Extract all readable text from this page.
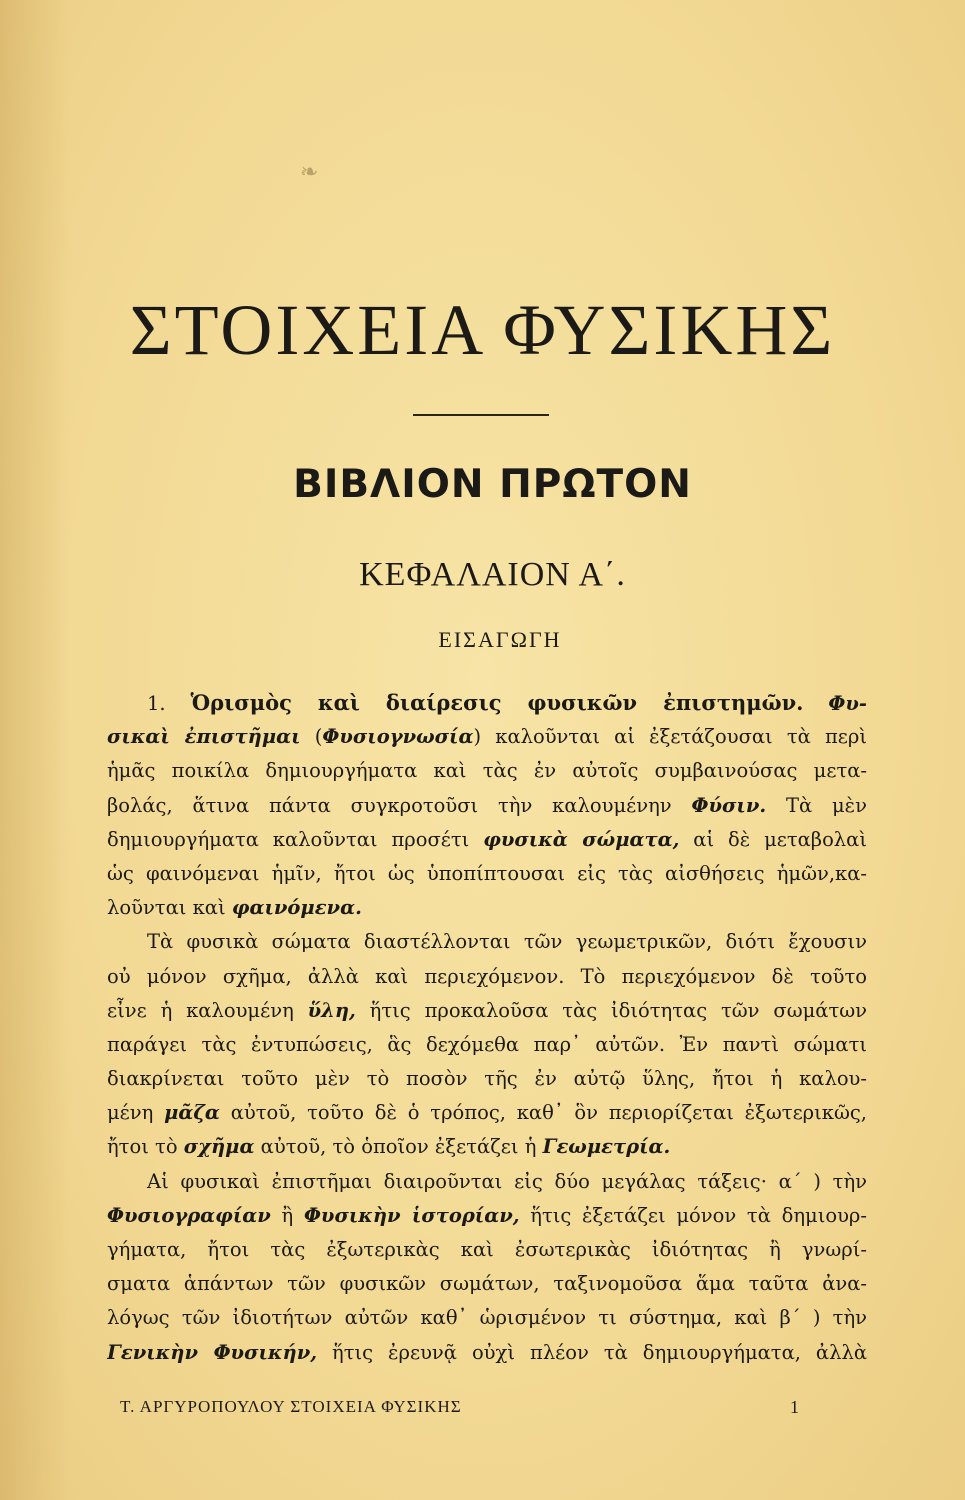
❧
ΣΤΟΙΧΕΙΑ ΦΥΣΙΚΗΣ
ΒΙΒΛΙΟΝ ΠΡΩΤΟΝ
ΚΕΦΑΛΑΙΟΝ Α΄.
ΕΙΣΑΓΩΓΗ
1. Ὁρισμὸς καὶ διαίρεσις φυσικῶν ἐπιστημῶν. Φυ-
σικαὶ ἐπιστῆμαι (Φυσιογνωσία) καλοῦνται αἱ ἐξετάζουσαι τὰ περὶ
ἡμᾶς ποικίλα δημιουργήματα καὶ τὰς ἐν αὐτοῖς συμβαινούσας μετα-
βολάς, ἅτινα πάντα συγκροτοῦσι τὴν καλουμένην Φύσιν. Τὰ μὲν
δημιουργήματα καλοῦνται προσέτι φυσικὰ σώματα, αἱ δὲ μεταβολαὶ
ὡς φαινόμεναι ἡμῖν, ἤτοι ὡς ὑποπίπτουσαι εἰς τὰς αἰσθήσεις ἡμῶν,κα-
λοῦνται καὶ φαινόμενα.
Τὰ φυσικὰ σώματα διαστέλλονται τῶν γεωμετρικῶν, διότι ἔχουσιν
οὐ μόνον σχῆμα, ἀλλὰ καὶ περιεχόμενον. Τὸ περιεχόμενον δὲ τοῦτο
εἶνε ἡ καλουμένη ὕλη, ἥτις προκαλοῦσα τὰς ἰδιότητας τῶν σωμάτων
παράγει τὰς ἐντυπώσεις, ἃς δεχόμεθα παρ᾽ αὐτῶν. Ἐν παντὶ σώματι
διακρίνεται τοῦτο μὲν τὸ ποσὸν τῆς ἐν αὐτῷ ὕλης, ἤτοι ἡ καλου-
μένη μᾶζα αὐτοῦ, τοῦτο δὲ ὁ τρόπος, καθ᾽ ὃν περιορίζεται ἐξωτερικῶς,
ἤτοι τὸ σχῆμα αὐτοῦ, τὸ ὁποῖον ἐξετάζει ἡ Γεωμετρία.
Αἱ φυσικαὶ ἐπιστῆμαι διαιροῦνται εἰς δύο μεγάλας τάξεις· α΄ ) τὴν
Φυσιογραφίαν ἢ Φυσικὴν ἱστορίαν, ἥτις ἐξετάζει μόνον τὰ δημιουρ-
γήματα, ἤτοι τὰς ἐξωτερικὰς καὶ ἐσωτερικὰς ἰδιότητας ἢ γνωρί-
σματα ἁπάντων τῶν φυσικῶν σωμάτων, ταξινομοῦσα ἅμα ταῦτα ἀνα-
λόγως τῶν ἰδιοτήτων αὐτῶν καθ᾽ ὡρισμένον τι σύστημα, καὶ β΄ ) τὴν
Γενικὴν Φυσικήν, ἥτις ἐρευνᾷ οὐχὶ πλέον τὰ δημιουργήματα, ἀλλὰ
Τ. ΑΡΓΥΡΟΠΟΥΛΟΥ ΣΤΟΙΧΕΙΑ ΦΥΣΙΚΗΣ	1
